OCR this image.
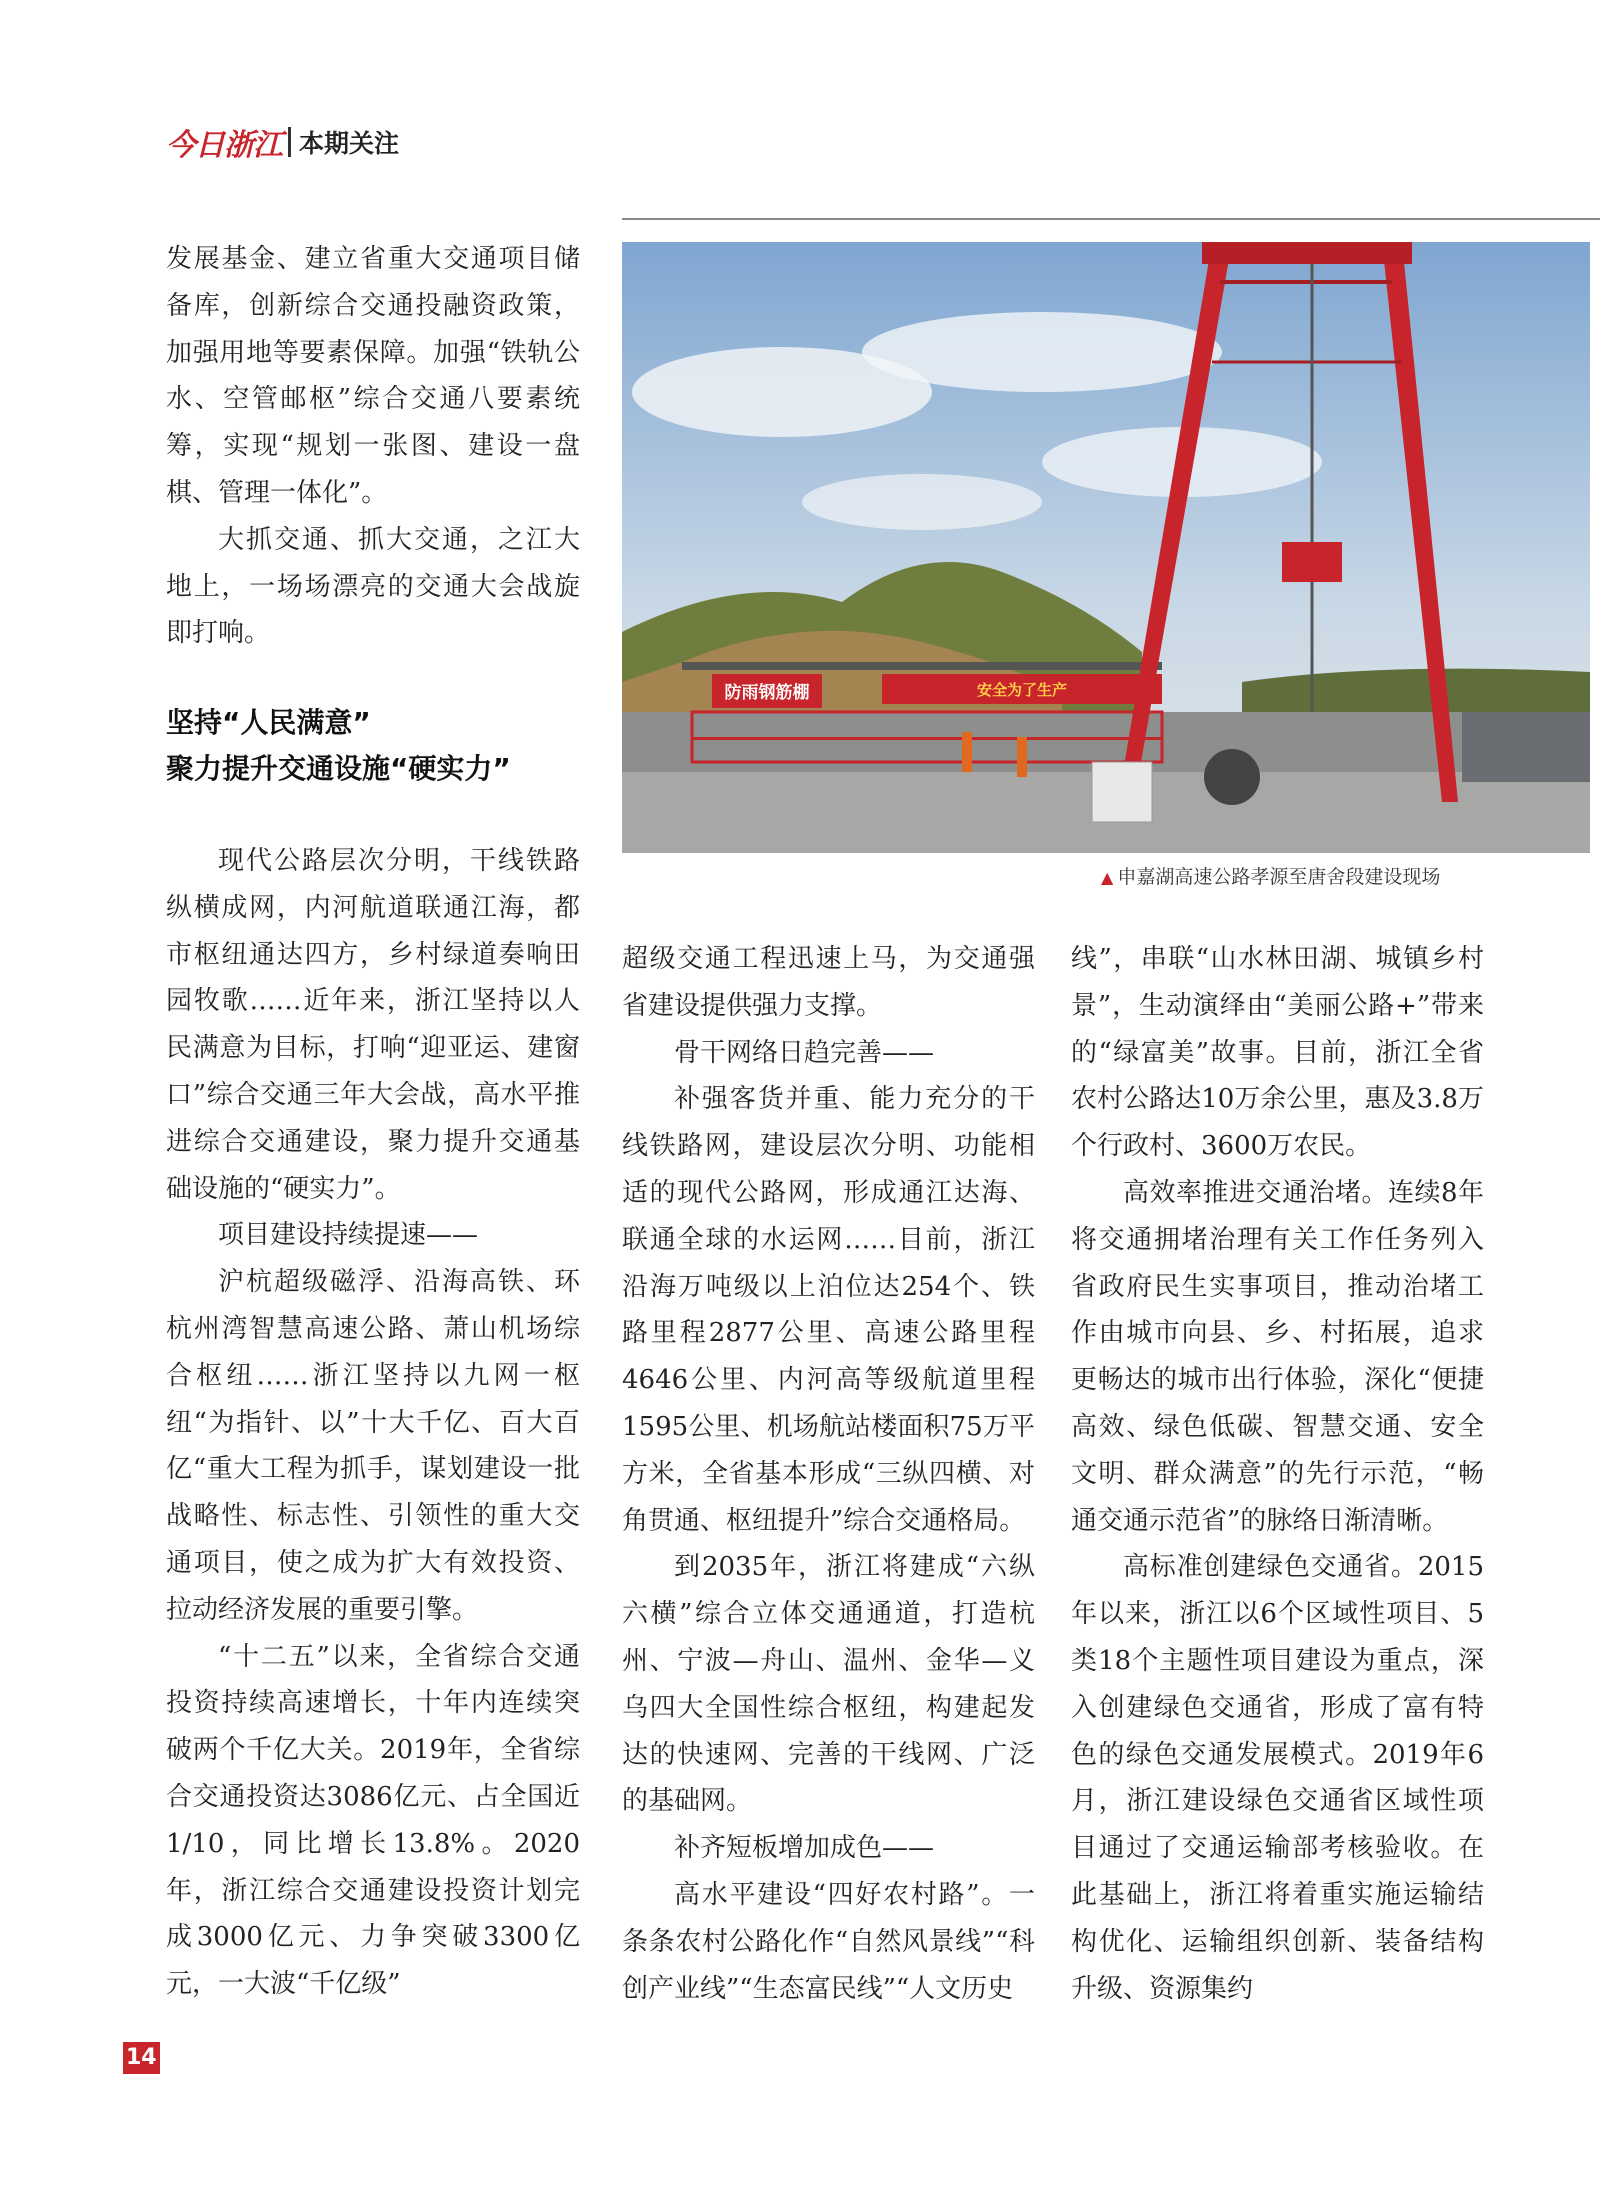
今日浙江 本期关注

发展基金、建立省重大交通项目储备库，创新综合交通投融资政策，加强用地等要素保障。加强“铁轨公水、空管邮枢”综合交通八要素统筹，实现“规划一张图、建设一盘棋、管理一体化”。

大抓交通、抓大交通，之江大地上，一场场漂亮的交通大会战旋即打响。

坚持“人民满意”
聚力提升交通设施“硬实力”

现代公路层次分明，干线铁路纵横成网，内河航道联通江海，都市枢纽通达四方，乡村绿道奏响田园牧歌……近年来，浙江坚持以人民满意为目标，打响“迎亚运、建窗口”综合交通三年大会战，高水平推进综合交通建设，聚力提升交通基础设施的“硬实力”。

项目建设持续提速——

沪杭超级磁浮、沿海高铁、环杭州湾智慧高速公路、萧山机场综合枢纽……浙江坚持以九网一枢纽“为指针、以”十大千亿、百大百亿“重大工程为抓手，谋划建设一批战略性、标志性、引领性的重大交通项目，使之成为扩大有效投资、拉动经济发展的重要引擎。

“十二五”以来，全省综合交通投资持续高速增长，十年内连续突破两个千亿大关。2019年，全省综合交通投资达3086亿元、占全国近1/10，同比增长13.8%。2020年，浙江综合交通建设投资计划完成3000亿元、力争突破3300亿元，一大波“千亿级”

超级交通工程迅速上马，为交通强省建设提供强力支撑。

骨干网络日趋完善——

补强客货并重、能力充分的干线铁路网，建设层次分明、功能相适的现代公路网，形成通江达海、联通全球的水运网……目前，浙江沿海万吨级以上泊位达254个、铁路里程2877公里、高速公路里程4646公里、内河高等级航道里程1595公里、机场航站楼面积75万平方米，全省基本形成“三纵四横、对角贯通、枢纽提升”综合交通格局。

到2035年，浙江将建成“六纵六横”综合立体交通通道，打造杭州、宁波—舟山、温州、金华—义乌四大全国性综合枢纽，构建起发达的快速网、完善的干线网、广泛的基础网。

补齐短板增加成色——

高水平建设“四好农村路”。一条条农村公路化作“自然风景线”“科创产业线”“生态富民线”“人文历史

线”，串联“山水林田湖、城镇乡村景”，生动演绎由“美丽公路+”带来的“绿富美”故事。目前，浙江全省农村公路达10万余公里，惠及3.8万个行政村、3600万农民。

高效率推进交通治堵。连续8年将交通拥堵治理有关工作任务列入省政府民生实事项目，推动治堵工作由城市向县、乡、村拓展，追求更畅达的城市出行体验，深化“便捷高效、绿色低碳、智慧交通、安全文明、群众满意”的先行示范，“畅通交通示范省”的脉络日渐清晰。

高标准创建绿色交通省。2015年以来，浙江以6个区域性项目、5类18个主题性项目建设为重点，深入创建绿色交通省，形成了富有特色的绿色交通发展模式。2019年6月，浙江建设绿色交通省区域性项目通过了交通运输部考核验收。在此基础上，浙江将着重实施运输结构优化、运输组织创新、装备结构升级、资源集约

防雨钢筋棚	安全为了生产
▲ 申嘉湖高速公路孝源至唐舍段建设现场
14
